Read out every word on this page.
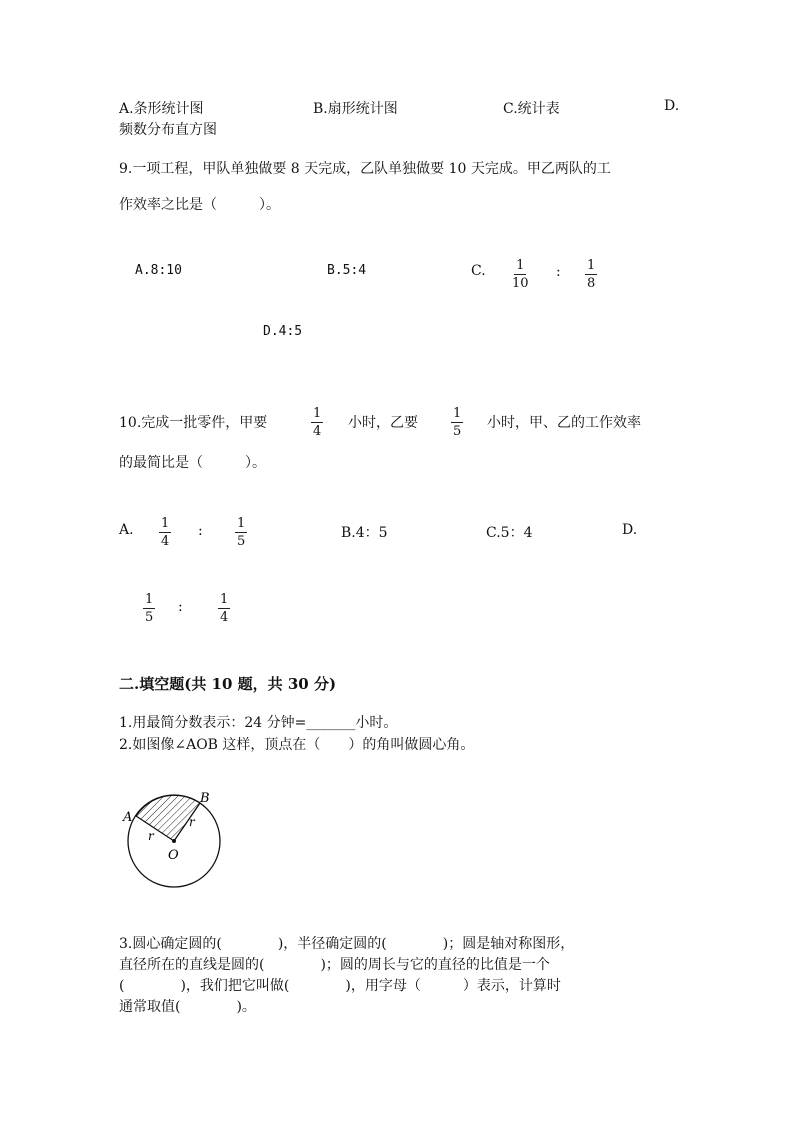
A.条形统计图	B.扇形统计图	C.统计表	D.
频数分布直方图
9.一项工程，甲队单独做要 8 天完成，乙队单独做要 10 天完成。甲乙两队的工
作效率之比是（　　　）。
A.8:10	B.5:4	C. $\frac{1}{10}$ : $\frac{1}{8}$
D.4:5
10.完成一批零件，甲要	$\frac{1}{4}$ 小时，乙要	$\frac{1}{5}$ 小时，甲、乙的工作效率
的最简比是（　　　）。
A. $\frac{1}{4}$ : $\frac{1}{5}$	B.4：5	C.5：4	D.
$\frac{1}{5}$ :	$\frac{1}{4}$
二.填空题(共 10 题，共 30 分)
1.用最简分数表示：24 分钟=_______小时。
2.如图像∠AOB 这样，顶点在（　　）的角叫做圆心角。
A
B
O
r
r
3.圆心确定圆的(　　　　)，半径确定圆的(　　　　)；圆是轴对称图形，
直径所在的直线是圆的(　　　　)；圆的周长与它的直径的比值是一个
(　　　　)，我们把它叫做(　　　　)，用字母（　　　）表示，计算时
通常取值(　　　　)。
